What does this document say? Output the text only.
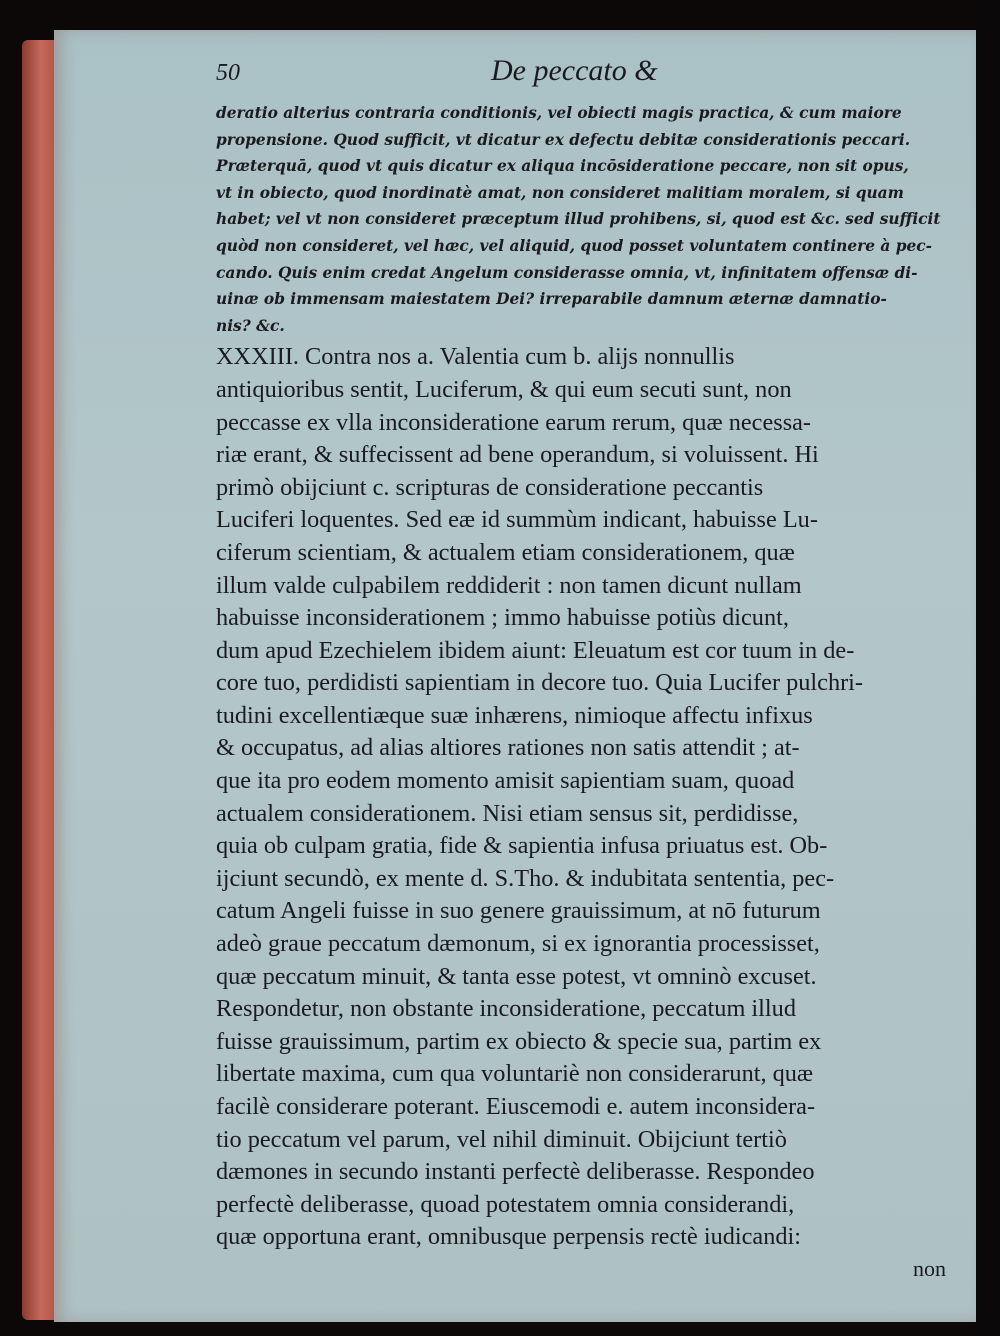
50	De peccato &
deratio alterius contraria conditionis, vel obiecti magis practica, & cum maiore
propensione. Quod sufficit, vt dicatur ex defectu debitæ considerationis peccari.
Præterquā, quod vt quis dicatur ex aliqua incōsideratione peccare, non sit opus,
vt in obiecto, quod inordinatè amat, non consideret malitiam moralem, si quam
habet; vel vt non consideret præceptum illud prohibens, si, quod est &c. sed sufficit
quòd non consideret, vel hæc, vel aliquid, quod posset voluntatem continere à pec-
cando. Quis enim credat Angelum considerasse omnia, vt, infinitatem offensæ di-
uinæ ob immensam maiestatem Dei? irreparabile damnum æternæ damnatio-
nis? &c.
XXXIII. Contra nos a. Valentia cum b. alijs nonnullis
antiquioribus sentit, Luciferum, & qui eum secuti sunt, non
peccasse ex vlla inconsideratione earum rerum, quæ necessa-
riæ erant, & suffecissent ad bene operandum, si voluissent. Hi
primò obijciunt c. scripturas de consideratione peccantis
Luciferi loquentes. Sed eæ id summùm indicant, habuisse Lu-
ciferum scientiam, & actualem etiam considerationem, quæ
illum valde culpabilem reddiderit : non tamen dicunt nullam
habuisse inconsiderationem ; immo habuisse potiùs dicunt,
dum apud Ezechielem ibidem aiunt: Eleuatum est cor tuum in de-
core tuo, perdidisti sapientiam in decore tuo. Quia Lucifer pulchri-
tudini excellentiæque suæ inhærens, nimioque affectu infixus
& occupatus, ad alias altiores rationes non satis attendit ; at-
que ita pro eodem momento amisit sapientiam suam, quoad
actualem considerationem. Nisi etiam sensus sit, perdidisse,
quia ob culpam gratia, fide & sapientia infusa priuatus est. Ob-
ijciunt secundò, ex mente d. S.Tho. & indubitata sententia, pec-
catum Angeli fuisse in suo genere grauissimum, at nō futurum
adeò graue peccatum dæmonum, si ex ignorantia processisset,
quæ peccatum minuit, & tanta esse potest, vt omninò excuset.
Respondetur, non obstante inconsideratione, peccatum illud
fuisse grauissimum, partim ex obiecto & specie sua, partim ex
libertate maxima, cum qua voluntariè non considerarunt, quæ
facilè considerare poterant. Eiuscemodi e. autem inconsidera-
tio peccatum vel parum, vel nihil diminuit. Obijciunt tertiò
dæmones in secundo instanti perfectè deliberasse. Respondeo
perfectè deliberasse, quoad potestatem omnia considerandi,
quæ opportuna erant, omnibusque perpensis rectè iudicandi:
non
